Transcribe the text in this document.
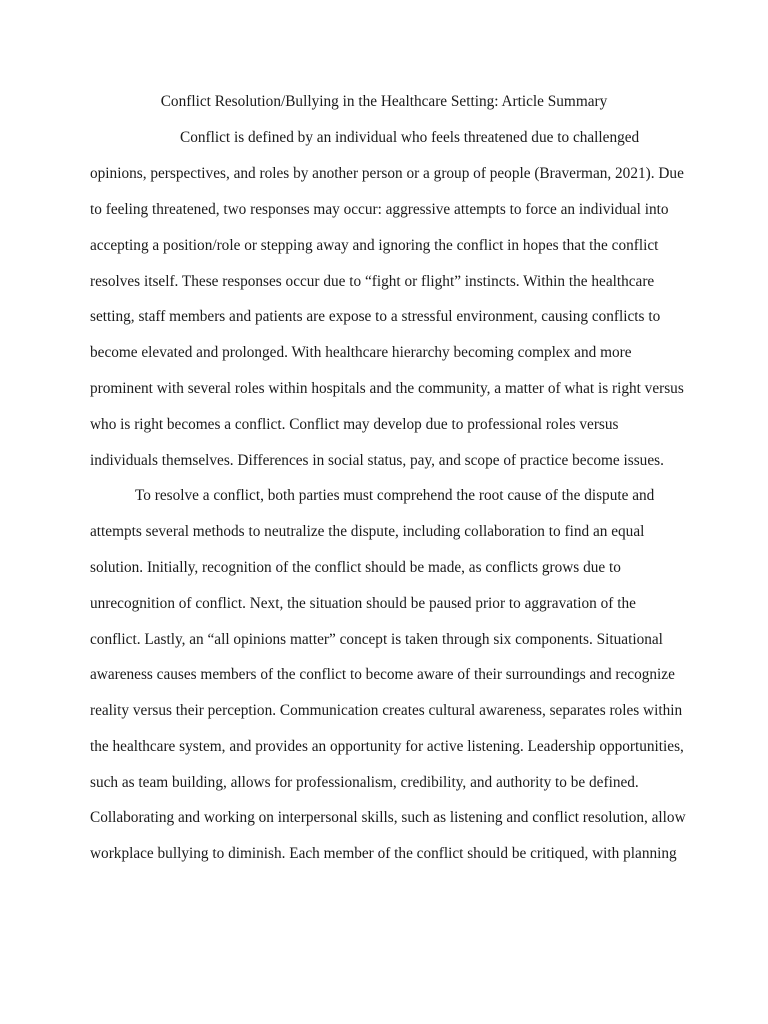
Conflict Resolution/Bullying in the Healthcare Setting: Article Summary
Conflict is defined by an individual who feels threatened due to challenged
opinions, perspectives, and roles by another person or a group of people (Braverman, 2021). Due
to feeling threatened, two responses may occur: aggressive attempts to force an individual into
accepting a position/role or stepping away and ignoring the conflict in hopes that the conflict
resolves itself. These responses occur due to “fight or flight” instincts. Within the healthcare
setting, staff members and patients are expose to a stressful environment, causing conflicts to
become elevated and prolonged. With healthcare hierarchy becoming complex and more
prominent with several roles within hospitals and the community, a matter of what is right versus
who is right becomes a conflict. Conflict may develop due to professional roles versus
individuals themselves. Differences in social status, pay, and scope of practice become issues.
To resolve a conflict, both parties must comprehend the root cause of the dispute and
attempts several methods to neutralize the dispute, including collaboration to find an equal
solution. Initially, recognition of the conflict should be made, as conflicts grows due to
unrecognition of conflict. Next, the situation should be paused prior to aggravation of the
conflict. Lastly, an “all opinions matter” concept is taken through six components. Situational
awareness causes members of the conflict to become aware of their surroundings and recognize
reality versus their perception. Communication creates cultural awareness, separates roles within
the healthcare system, and provides an opportunity for active listening. Leadership opportunities,
such as team building, allows for professionalism, credibility, and authority to be defined.
Collaborating and working on interpersonal skills, such as listening and conflict resolution, allow
workplace bullying to diminish. Each member of the conflict should be critiqued, with planning
